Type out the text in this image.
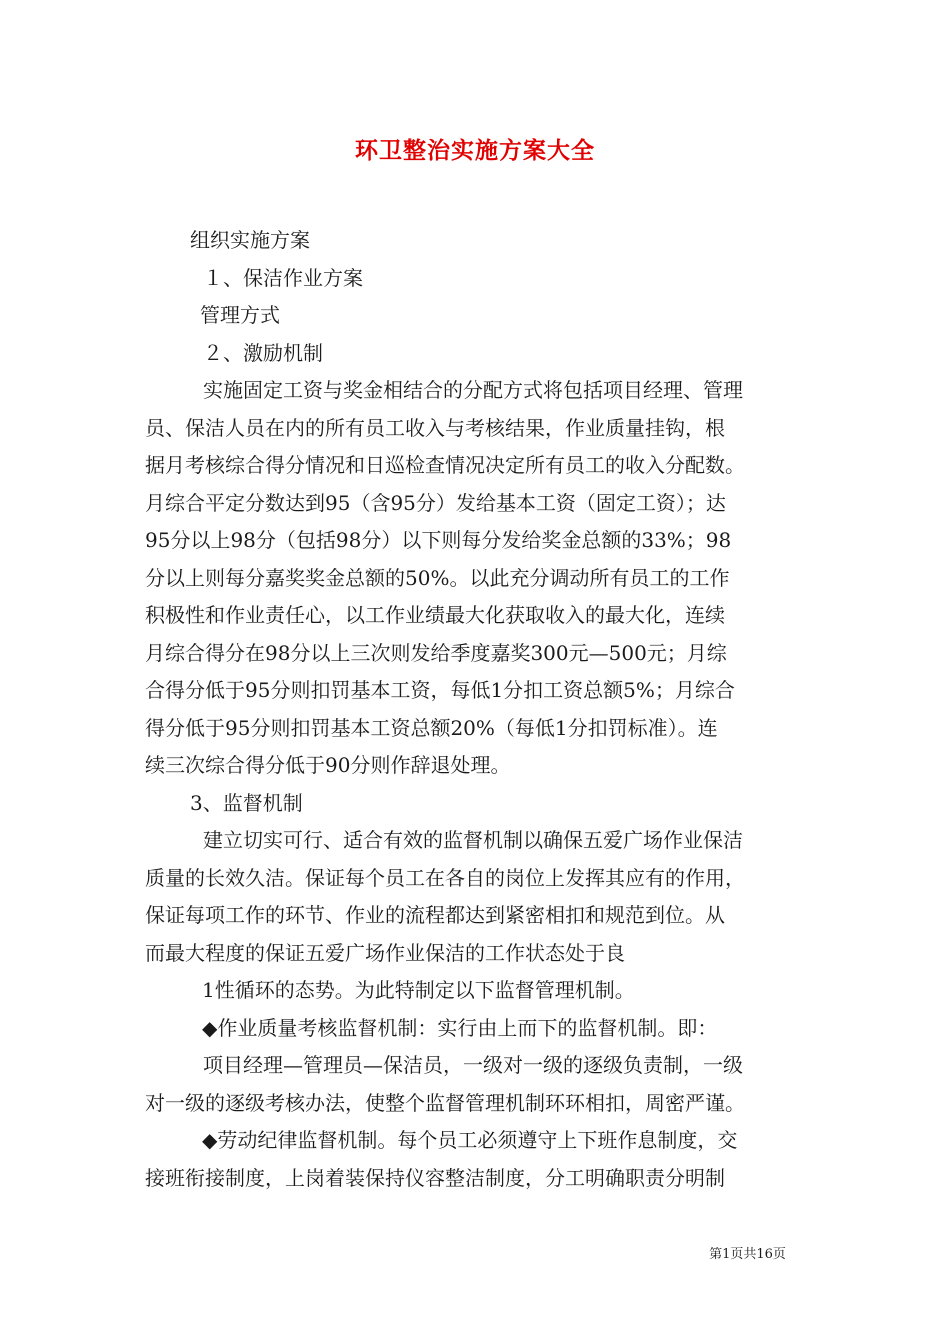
环卫整治实施方案大全
组织实施方案
１、保洁作业方案
管理方式
２、激励机制
实施固定工资与奖金相结合的分配方式将包括项目经理、管理
员、保洁人员在内的所有员工收入与考核结果，作业质量挂钩，根
据月考核综合得分情况和日巡检查情况决定所有员工的收入分配数。
月综合平定分数达到95（含95分）发给基本工资（固定工资）；达
95分以上98分（包括98分）以下则每分发给奖金总额的33%；98
分以上则每分嘉奖奖金总额的50%。以此充分调动所有员工的工作
积极性和作业责任心，以工作业绩最大化获取收入的最大化，连续
月综合得分在98分以上三次则发给季度嘉奖300元—500元；月综
合得分低于95分则扣罚基本工资，每低1分扣工资总额5%；月综合
得分低于95分则扣罚基本工资总额20%（每低1分扣罚标准）。连
续三次综合得分低于90分则作辞退处理。
3、监督机制
建立切实可行、适合有效的监督机制以确保五爱广场作业保洁
质量的长效久洁。保证每个员工在各自的岗位上发挥其应有的作用，
保证每项工作的环节、作业的流程都达到紧密相扣和规范到位。从
而最大程度的保证五爱广场作业保洁的工作状态处于良
1性循环的态势。为此特制定以下监督管理机制。
◆作业质量考核监督机制：实行由上而下的监督机制。即：
项目经理—管理员—保洁员，一级对一级的逐级负责制，一级
对一级的逐级考核办法，使整个监督管理机制环环相扣，周密严谨。
◆劳动纪律监督机制。每个员工必须遵守上下班作息制度，交
接班衔接制度，上岗着装保持仪容整洁制度，分工明确职责分明制
第1页共16页
